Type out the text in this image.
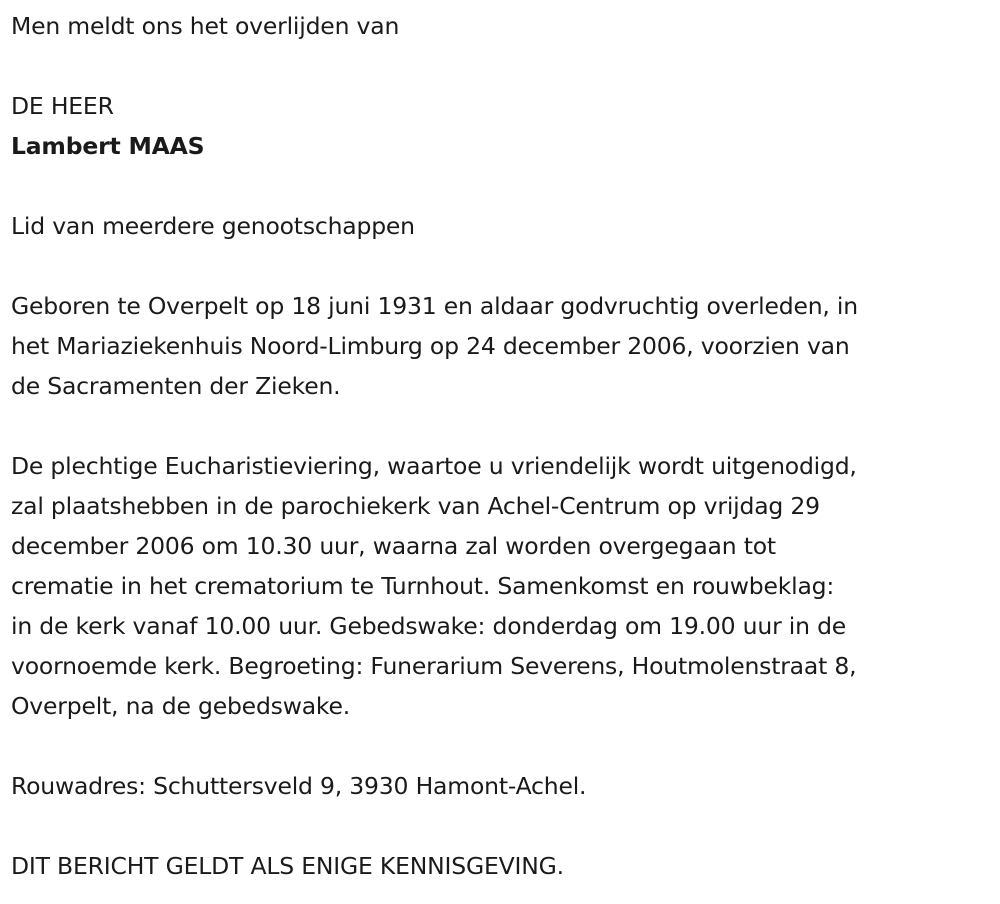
Men meldt ons het overlijden van

DE HEER

Lambert MAAS

Lid van meerdere genootschappen

Geboren te Overpelt op 18 juni 1931 en aldaar godvruchtig overleden, in
het Mariaziekenhuis Noord-Limburg op 24 december 2006, voorzien van
de Sacramenten der Zieken.

De plechtige Eucharistieviering, waartoe u vriendelijk wordt uitgenodigd,
zal plaatshebben in de parochiekerk van Achel-Centrum op vrijdag 29
december 2006 om 10.30 uur, waarna zal worden overgegaan tot
crematie in het crematorium te Turnhout. Samenkomst en rouwbeklag:
in de kerk vanaf 10.00 uur. Gebedswake: donderdag om 19.00 uur in de
voornoemde kerk. Begroeting: Funerarium Severens, Houtmolenstraat 8,
Overpelt, na de gebedswake.

Rouwadres: Schuttersveld 9, 3930 Hamont-Achel.

DIT BERICHT GELDT ALS ENIGE KENNISGEVING.
